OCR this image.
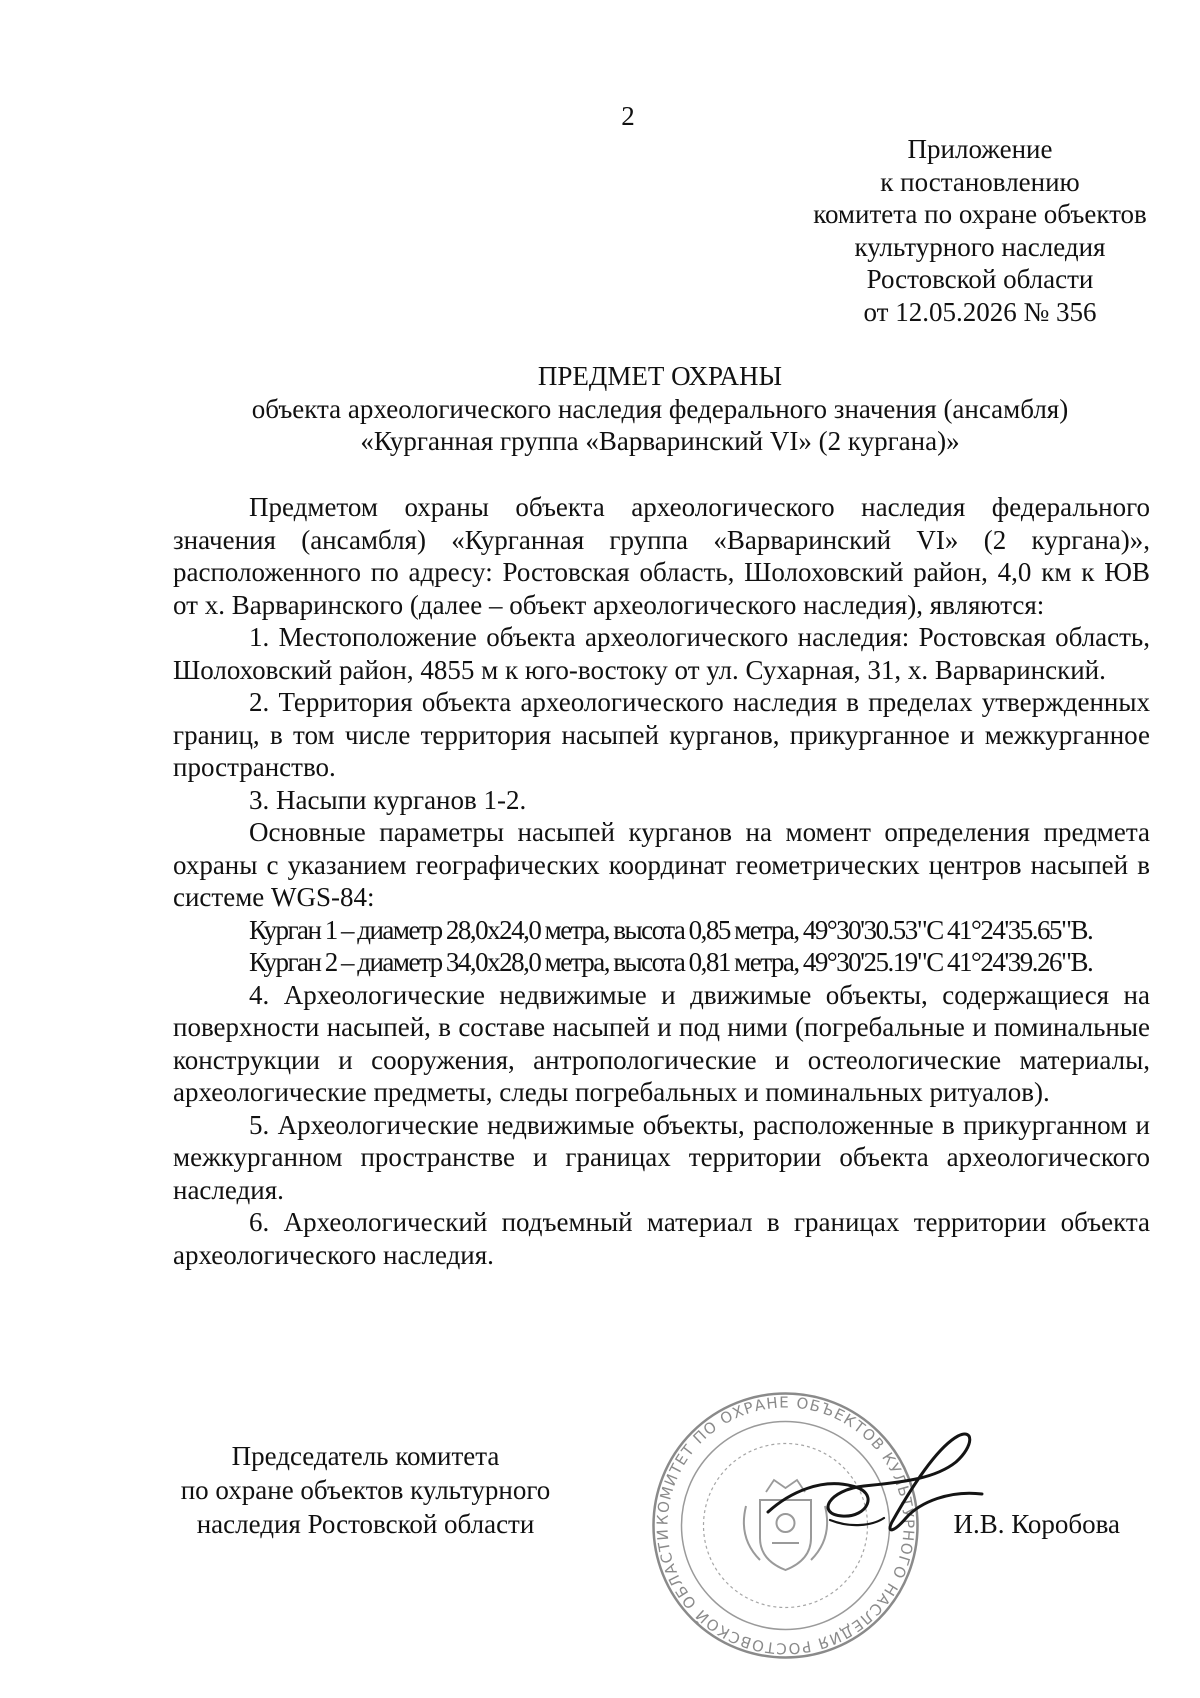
2
Приложение
к постановлению
комитета по охране объектов
культурного наследия
Ростовской области
от 12.05.2026 № 356
ПРЕДМЕТ ОХРАНЫ
объекта археологического наследия федерального значения (ансамбля)
«Курганная группа «Варваринский VI» (2 кургана)»

Предметом охраны объекта археологического наследия федерального значения (ансамбля) «Курганная группа «Варваринский VI» (2 кургана)», расположенного по адресу: Ростовская область, Шолоховский район, 4,0 км к ЮВ от х. Варваринского (далее – объект археологического наследия), являются:

1. Местоположение объекта археологического наследия: Ростовская область, Шолоховский район, 4855 м к юго-востоку от ул. Сухарная, 31, х. Варваринский.

2. Территория объекта археологического наследия в пределах утвержденных границ, в том числе территория насыпей курганов, прикурганное и межкурганное пространство.

3. Насыпи курганов 1-2.

Основные параметры насыпей курганов на момент определения предмета охраны с указанием географических координат геометрических центров насыпей в системе WGS-84:

Курган 1 – диаметр 28,0х24,0 метра, высота 0,85 метра, 49°30'30.53"С 41°24'35.65"В.

Курган 2 – диаметр 34,0х28,0 метра, высота 0,81 метра, 49°30'25.19"С 41°24'39.26"В.

4. Археологические недвижимые и движимые объекты, содержащиеся на поверхности насыпей, в составе насыпей и под ними (погребальные и поминальные конструкции и сооружения, антропологические и остеологические материалы, археологические предметы, следы погребальных и поминальных ритуалов).

5. Археологические недвижимые объекты, расположенные в прикурганном и межкурганном пространстве и границах территории объекта археологического наследия.

6. Археологический подъемный материал в границах территории объекта археологического наследия.

Председатель комитета
по охране объектов культурного
наследия Ростовской области	КОМИТЕТ ПО ОХРАНЕ ОБЪЕКТОВ КУЛЬТУРНОГО НАСЛЕДИЯ РОСТОВСКОЙ ОБЛАСТИ	И.В. Коробова
